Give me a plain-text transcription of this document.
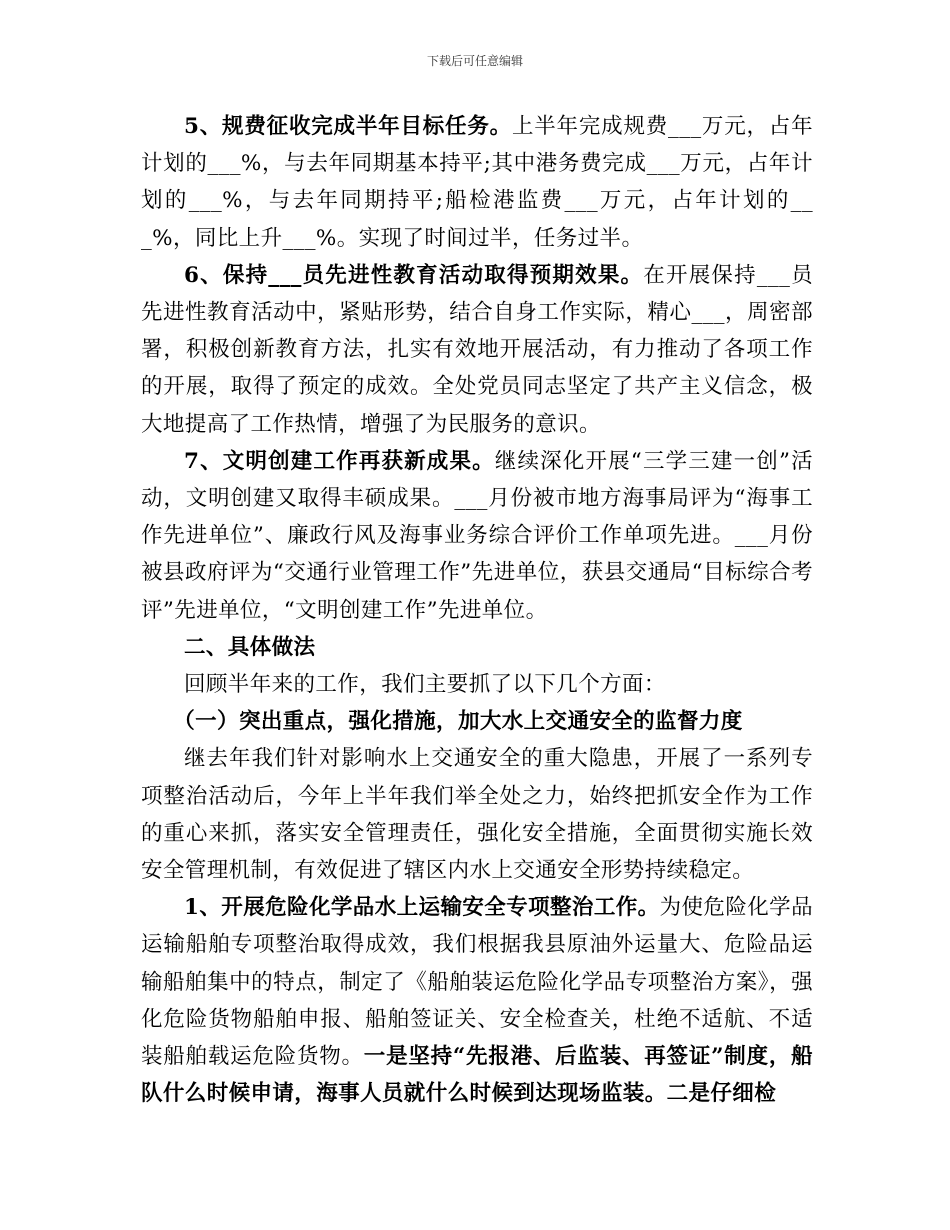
下载后可任意编辑

5、规费征收完成半年目标任务。上半年完成规费___万元，占年计划的___%，与去年同期基本持平;其中港务费完成___万元，占年计划的___%，与去年同期持平;船检港监费___万元，占年计划的___%，同比上升___%。实现了时间过半，任务过半。

6、保持___员先进性教育活动取得预期效果。在开展保持___员先进性教育活动中，紧贴形势，结合自身工作实际，精心___，周密部署，积极创新教育方法，扎实有效地开展活动，有力推动了各项工作的开展，取得了预定的成效。全处党员同志坚定了共产主义信念，极大地提高了工作热情，增强了为民服务的意识。

7、文明创建工作再获新成果。继续深化开展“三学三建一创”活动，文明创建又取得丰硕成果。___月份被市地方海事局评为“海事工作先进单位”、廉政行风及海事业务综合评价工作单项先进。___月份被县政府评为“交通行业管理工作”先进单位，获县交通局“目标综合考评”先进单位，“文明创建工作”先进单位。

二、具体做法

回顾半年来的工作，我们主要抓了以下几个方面：

（一）突出重点，强化措施，加大水上交通安全的监督力度

继去年我们针对影响水上交通安全的重大隐患，开展了一系列专项整治活动后，今年上半年我们举全处之力，始终把抓安全作为工作的重心来抓，落实安全管理责任，强化安全措施，全面贯彻实施长效安全管理机制，有效促进了辖区内水上交通安全形势持续稳定。

1、开展危险化学品水上运输安全专项整治工作。为使危险化学品运输船舶专项整治取得成效，我们根据我县原油外运量大、危险品运输船舶集中的特点，制定了《船舶装运危险化学品专项整治方案》，强化危险货物船舶申报、船舶签证关、安全检查关，杜绝不适航、不适装船舶载运危险货物。一是坚持“先报港、后监装、再签证”制度，船队什么时候申请，海事人员就什么时候到达现场监装。二是仔细检
